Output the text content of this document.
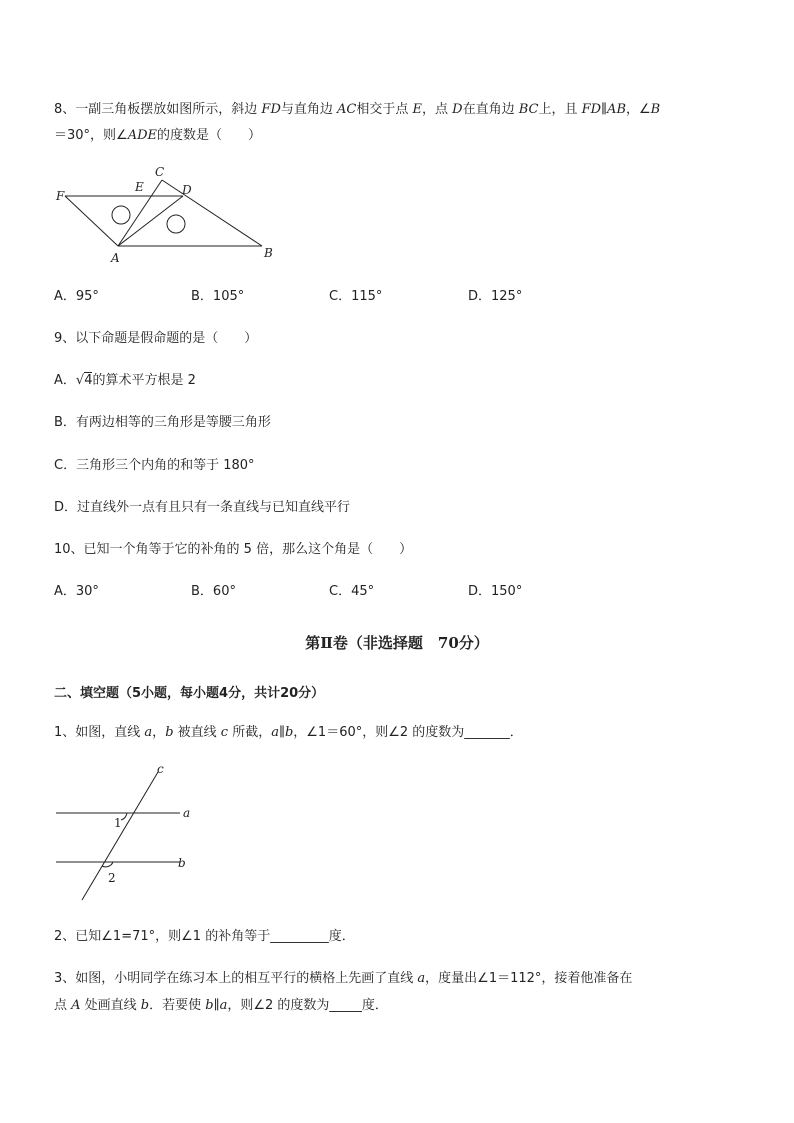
8、一副三角板摆放如图所示，斜边 FD与直角边 AC相交于点 E，点 D在直角边 BC上，且 FD∥AB，∠B
＝30°，则∠ADE的度数是（　　）
F
E
C
D
A	B
A．95°	B．105°	C．115°	D．125°
9、以下命题是假命题的是（　　）
A．√4的算术平方根是 2
B．有两边相等的三角形是等腰三角形
C．三角形三个内角的和等于 180°
D．过直线外一点有且只有一条直线与已知直线平行
10、已知一个角等于它的补角的 5 倍，那么这个角是（　　）
A．30°	B．60°	C．45°	D．150°
第Ⅱ卷（非选择题　70分）
二、填空题（5小题，每小题4分，共计20分）
1、如图，直线 a，b 被直线 c 所截，a∥b，∠1＝60°，则∠2 的度数为_______．
c
a
b
1
2
2、已知∠1=71°，则∠1 的补角等于_________度．
3、如图，小明同学在练习本上的相互平行的横格上先画了直线 a，度量出∠1＝112°，接着他准备在
点 A 处画直线 b．若要使 b∥a，则∠2 的度数为_____度．
